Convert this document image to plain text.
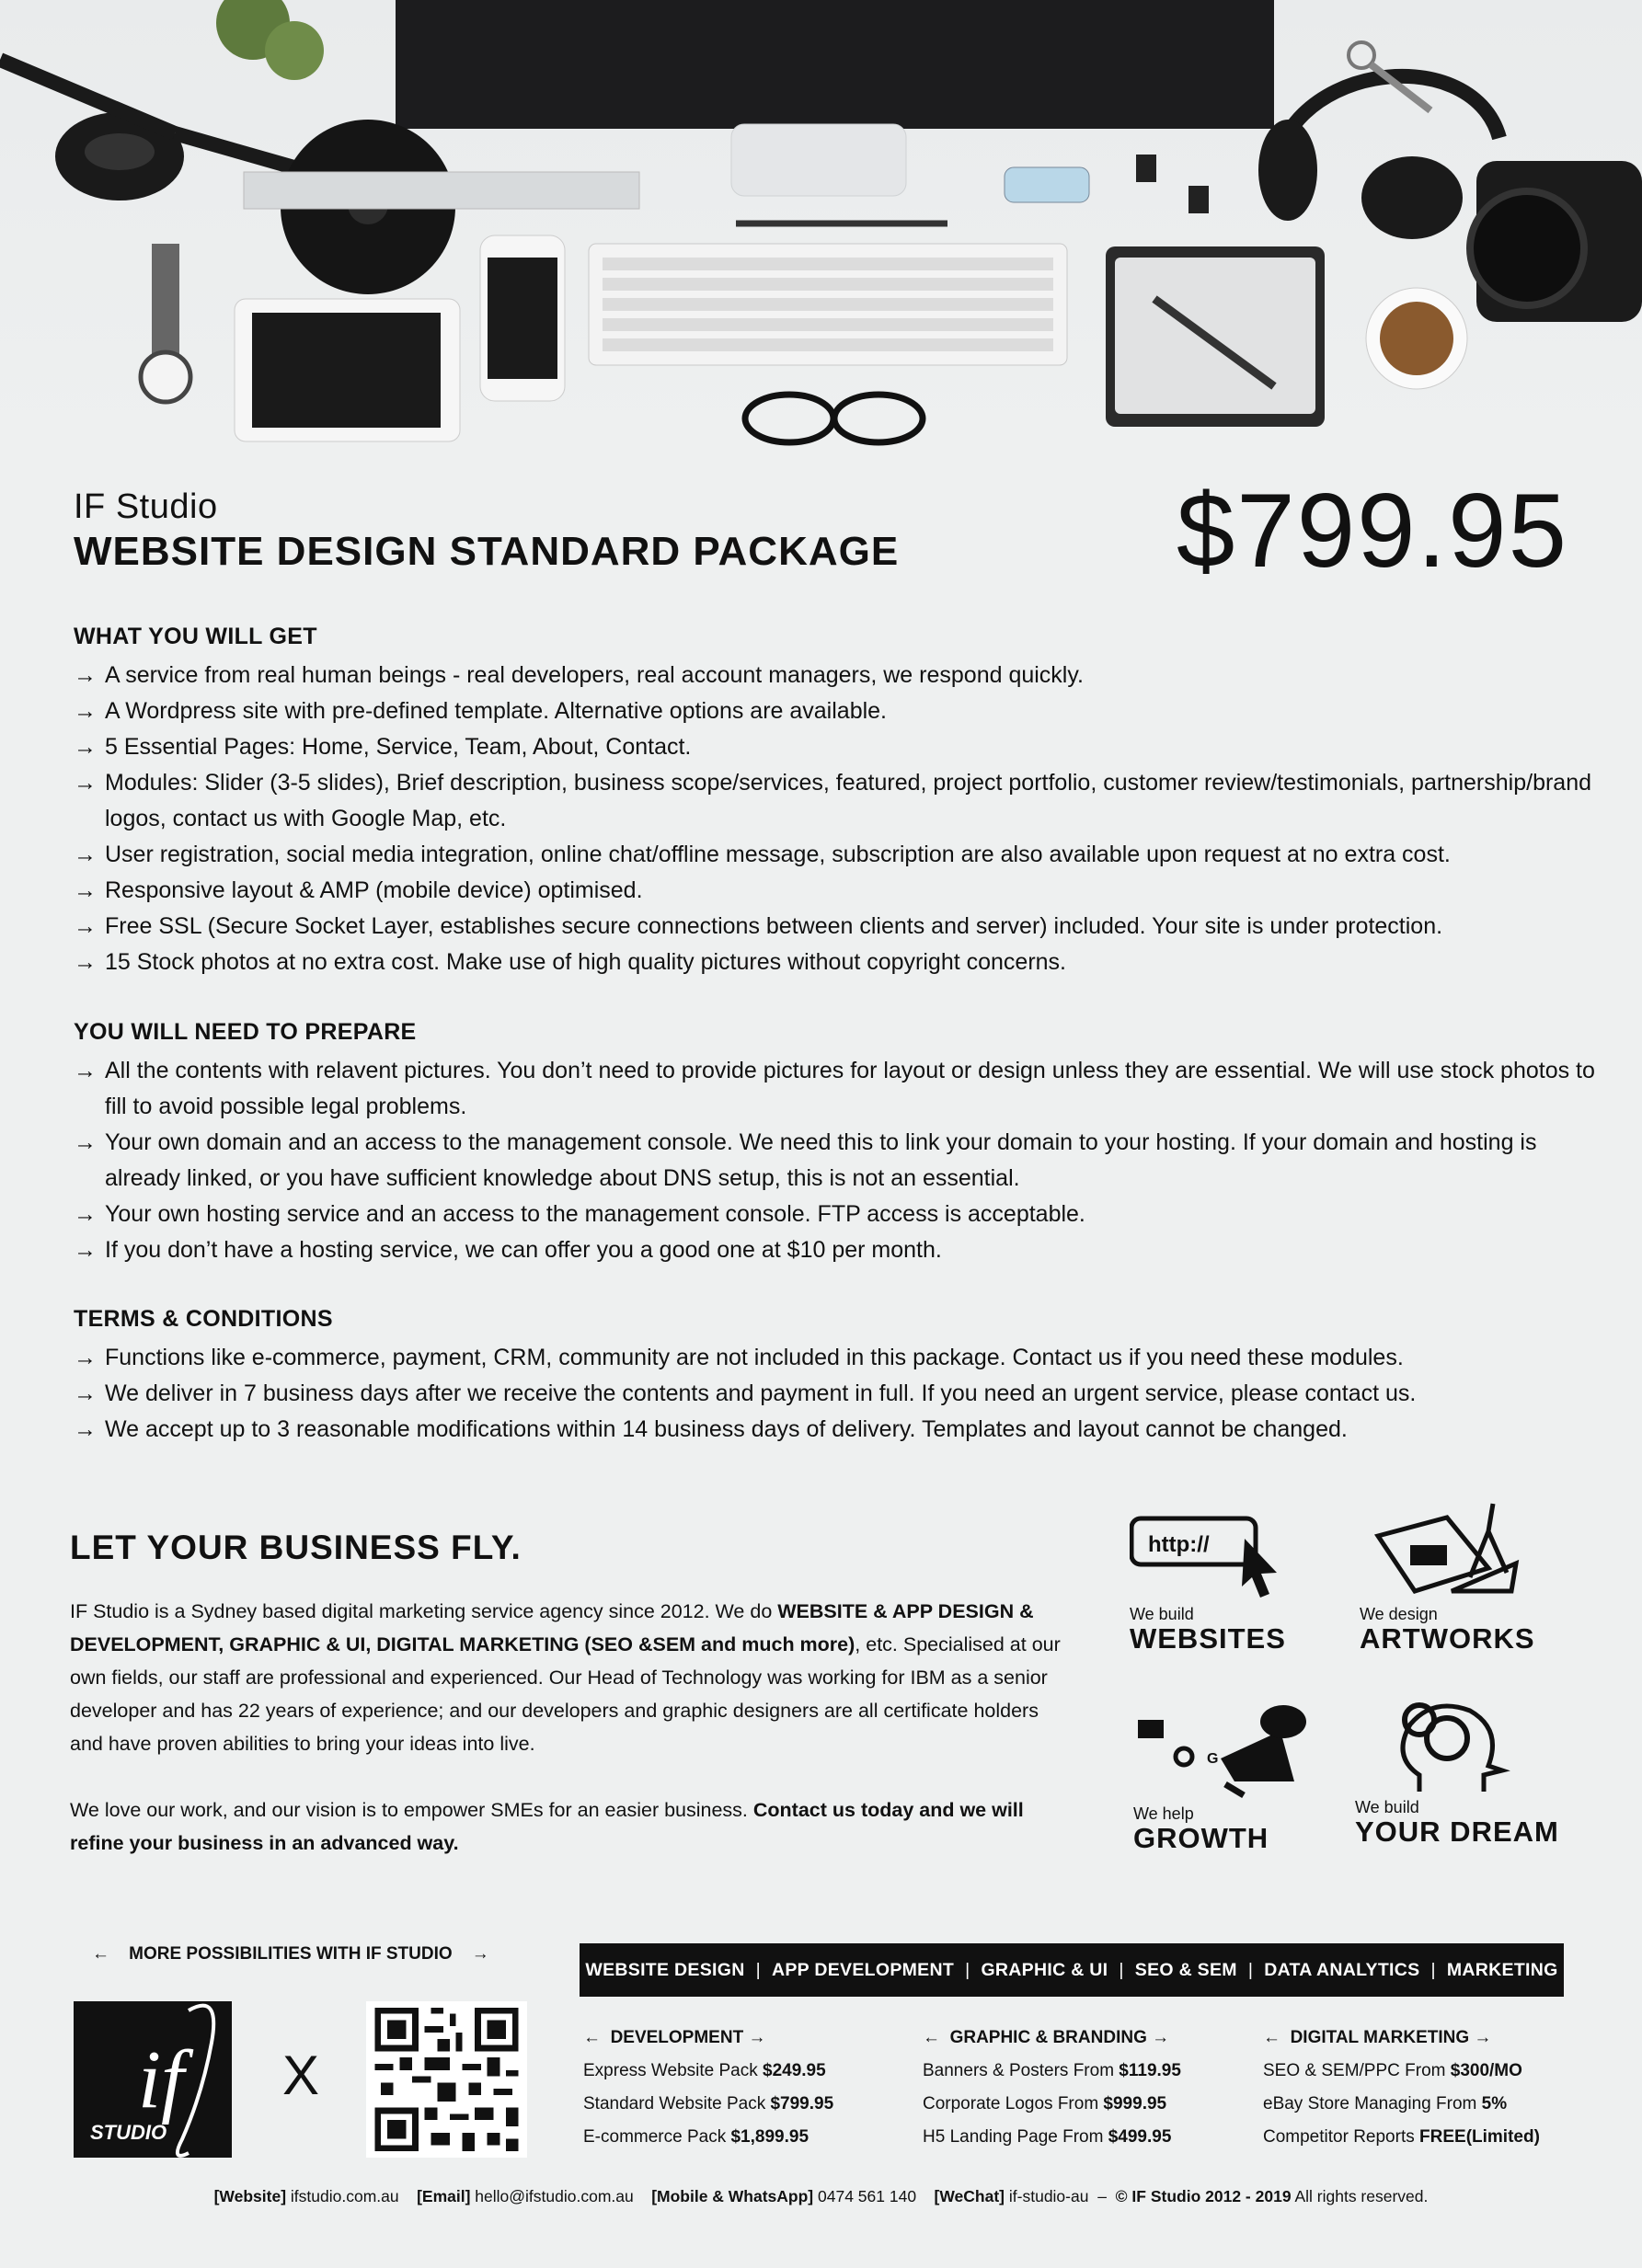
IF Studio
WEBSITE DESIGN STANDARD PACKAGE	$799.95
WHAT YOU WILL GET
→ A service from real human beings - real developers, real account managers, we respond quickly.
→ A Wordpress site with pre-defined template. Alternative options are available.
→ 5 Essential Pages: Home, Service, Team, About, Contact.
→ Modules: Slider (3-5 slides), Brief description, business scope/services, featured, project portfolio, customer review/testimonials, partnership/brand logos, contact us with Google Map, etc.
→ User registration, social media integration, online chat/offline message, subscription are also available upon request at no extra cost.
→ Responsive layout & AMP (mobile device) optimised.
→ Free SSL (Secure Socket Layer, establishes secure connections between clients and server) included. Your site is under protection.
→ 15 Stock photos at no extra cost. Make use of high quality pictures without copyright concerns.
YOU WILL NEED TO PREPARE
→ All the contents with relavent pictures. You don’t need to provide pictures for layout or design unless they are essential. We will use stock photos to fill to avoid possible legal problems.
→ Your own domain and an access to the management console. We need this to link your domain to your hosting. If your domain and hosting is already linked, or you have sufficient knowledge about DNS setup, this is not an essential.
→ Your own hosting service and an access to the management console. FTP access is acceptable.
→ If you don’t have a hosting service, we can offer you a good one at $10 per month.
TERMS & CONDITIONS
→ Functions like e-commerce, payment, CRM, community are not included in this package. Contact us if you need these modules.
→ We deliver in 7 business days after we receive the contents and payment in full. If you need an urgent service, please contact us.
→ We accept up to 3 reasonable modifications within 14 business days of delivery. Templates and layout cannot be changed.
LET YOUR BUSINESS FLY.
IF Studio is a Sydney based digital marketing service agency since 2012. We do WEBSITE & APP DESIGN & DEVELOPMENT, GRAPHIC & UI, DIGITAL MARKETING (SEO &SEM and much more), etc. Specialised at our own fields, our staff are professional and experienced. Our Head of Technology was working for IBM as a senior developer and has 22 years of experience; and our developers and graphic designers are all certificate holders and have proven abilities to bring your ideas into live.
We love our work, and our vision is to empower SMEs for an easier business. Contact us today and we will refine your business in an advanced way.
http://
We build
WEBSITES
We design
ARTWORKS
G
We help
GROWTH
We build
YOUR DREAM
← MORE POSSIBILITIES WITH IF STUDIO →
if
STUDIO
X
WEBSITE DESIGN | APP DEVELOPMENT | GRAPHIC & UI | SEO & SEM | DATA ANALYTICS | MARKETING
← DEVELOPMENT →
Express Website Pack $249.95
Standard Website Pack $799.95
E-commerce Pack $1,899.95
← GRAPHIC & BRANDING →
Banners & Posters From $119.95
Corporate Logos From $999.95
H5 Landing Page From $499.95
← DIGITAL MARKETING →
SEO & SEM/PPC From $300/MO
eBay Store Managing From 5%
Competitor Reports FREE(Limited)
[Website] ifstudio.com.au [Email] hello@ifstudio.com.au [Mobile & WhatsApp] 0474 561 140 [WeChat] if-studio-au – © IF Studio 2012 - 2019 All rights reserved.
